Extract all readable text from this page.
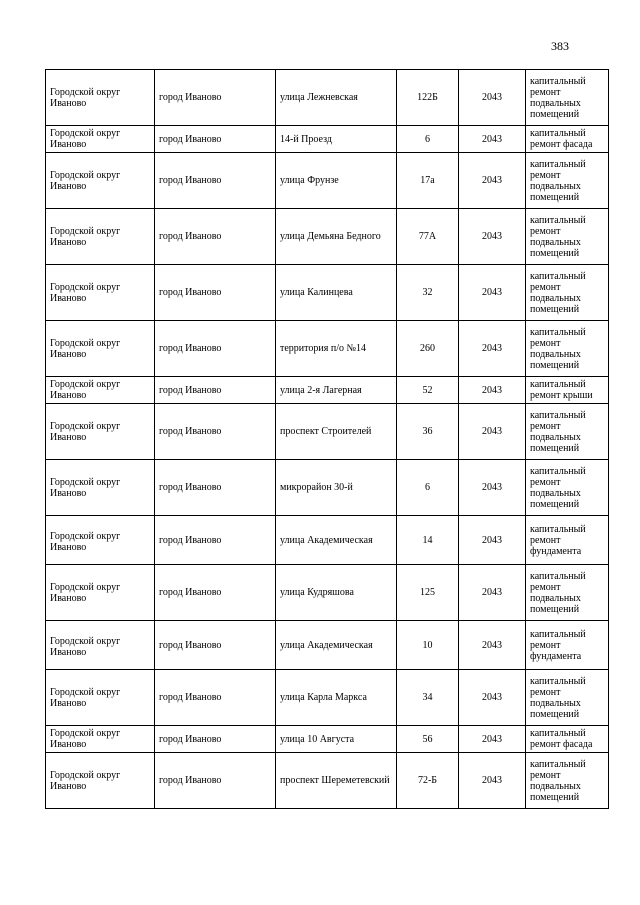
383
Городской округ Иваново	город Иваново	улица Лежневская	122Б	2043	капитальный ремонт подвальных помещений
Городской округ Иваново	город Иваново	14-й Проезд	6	2043	капитальный ремонт фасада
Городской округ Иваново	город Иваново	улица Фрунзе	17а	2043	капитальный ремонт подвальных помещений
Городской округ Иваново	город Иваново	улица Демьяна Бедного	77А	2043	капитальный ремонт подвальных помещений
Городской округ Иваново	город Иваново	улица Калинцева	32	2043	капитальный ремонт подвальных помещений
Городской округ Иваново	город Иваново	территория п/о №14	260	2043	капитальный ремонт подвальных помещений
Городской округ Иваново	город Иваново	улица 2-я Лагерная	52	2043	капитальный ремонт крыши
Городской округ Иваново	город Иваново	проспект Строителей	36	2043	капитальный ремонт подвальных помещений
Городской округ Иваново	город Иваново	микрорайон 30-й	6	2043	капитальный ремонт подвальных помещений
Городской округ Иваново	город Иваново	улица Академическая	14	2043	капитальный ремонт фундамента
Городской округ Иваново	город Иваново	улица Кудряшова	125	2043	капитальный ремонт подвальных помещений
Городской округ Иваново	город Иваново	улица Академическая	10	2043	капитальный ремонт фундамента
Городской округ Иваново	город Иваново	улица Карла Маркса	34	2043	капитальный ремонт подвальных помещений
Городской округ Иваново	город Иваново	улица 10 Августа	56	2043	капитальный ремонт фасада
Городской округ Иваново	город Иваново	проспект Шереметевский	72-Б	2043	капитальный ремонт подвальных помещений
